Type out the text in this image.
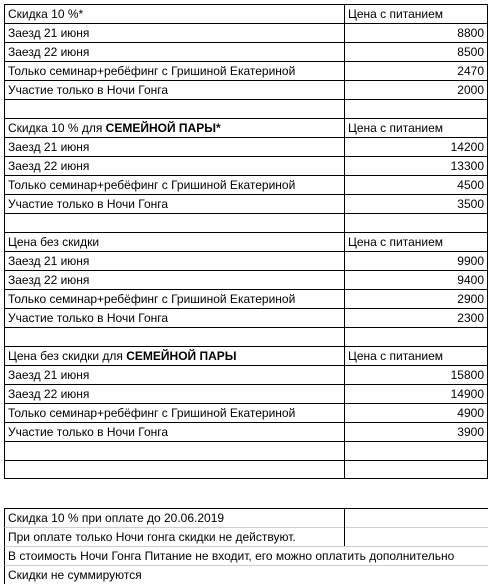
Скидка 10 %*	Цена с питанием
Заезд 21 июня	8800
Заезд 22 июня	8500
Только семинар+ребёфинг с Гришиной Екатериной	2470
Участие только в Ночи Гонга	2000
Скидка 10 % для СЕМЕЙНОЙ ПАРЫ*	Цена с питанием
Заезд 21 июня	14200
Заезд 22 июня	13300
Только семинар+ребёфинг с Гришиной Екатериной	4500
Участие только в Ночи Гонга	3500
Цена без скидки	Цена с питанием
Заезд 21 июня	9900
Заезд 22 июня	9400
Только семинар+ребёфинг с Гришиной Екатериной	2900
Участие только в Ночи Гонга	2300
Цена без скидки для СЕМЕЙНОЙ ПАРЫ	Цена с питанием
Заезд 21 июня	15800
Заезд 22 июня	14900
Только семинар+ребёфинг с Гришиной Екатериной	4900
Участие только в Ночи Гонга	3900
Скидка 10 % при оплате до 20.06.2019
При оплате только Ночи гонга скидки не действуют.
В стоимость Ночи Гонга Питание не входит, его можно оплатить дополнительно
Скидки не суммируются
